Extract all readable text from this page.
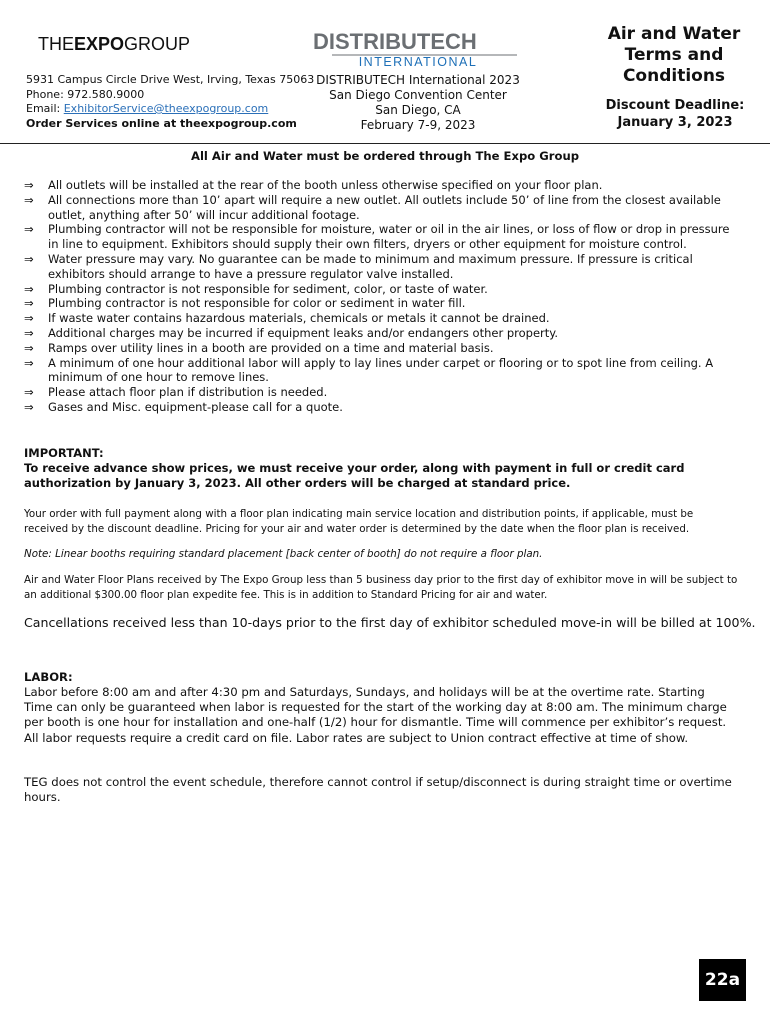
THEEXPOGROUP	DISTRIBUTECH
INTERNATIONAL
5931 Campus Circle Drive West, Irving, Texas 75063
Phone: 972.580.9000
Email: ExhibitorService@theexpogroup.com
Order Services online at theexpogroup.com
DISTRIBUTECH International 2023
San Diego Convention Center
San Diego, CA
February 7-9, 2023
Air and Water Terms and Conditions
Discount Deadline:
January 3, 2023
All Air and Water must be ordered through The Expo Group
⇒ All outlets will be installed at the rear of the booth unless otherwise specified on your floor plan.
⇒ All connections more than 10’ apart will require a new outlet. All outlets include 50’ of line from the closest available outlet, anything after 50’ will incur additional footage.
⇒ Plumbing contractor will not be responsible for moisture, water or oil in the air lines, or loss of flow or drop in pressure in line to equipment. Exhibitors should supply their own filters, dryers or other equipment for moisture control.
⇒ Water pressure may vary. No guarantee can be made to minimum and maximum pressure. If pressure is critical exhibitors should arrange to have a pressure regulator valve installed.
⇒ Plumbing contractor is not responsible for sediment, color, or taste of water.
⇒ Plumbing contractor is not responsible for color or sediment in water fill.
⇒ If waste water contains hazardous materials, chemicals or metals it cannot be drained.
⇒ Additional charges may be incurred if equipment leaks and/or endangers other property.
⇒ Ramps over utility lines in a booth are provided on a time and material basis.
⇒ A minimum of one hour additional labor will apply to lay lines under carpet or flooring or to spot line from ceiling. A minimum of one hour to remove lines.
⇒ Please attach floor plan if distribution is needed.
⇒ Gases and Misc. equipment-please call for a quote.
IMPORTANT:
To receive advance show prices, we must receive your order, along with payment in full or credit card authorization by January 3, 2023. All other orders will be charged at standard price.
Your order with full payment along with a floor plan indicating main service location and distribution points, if applicable, must be received by the discount deadline. Pricing for your air and water order is determined by the date when the floor plan is received.
Note: Linear booths requiring standard placement [back center of booth] do not require a floor plan.
Air and Water Floor Plans received by The Expo Group less than 5 business day prior to the first day of exhibitor move in will be subject to an additional $300.00 floor plan expedite fee. This is in addition to Standard Pricing for air and water.
Cancellations received less than 10-days prior to the first day of exhibitor scheduled move-in will be billed at 100%.
LABOR:
Labor before 8:00 am and after 4:30 pm and Saturdays, Sundays, and holidays will be at the overtime rate. Starting Time can only be guaranteed when labor is requested for the start of the working day at 8:00 am. The minimum charge per booth is one hour for installation and one-half (1/2) hour for dismantle. Time will commence per exhibitor’s request. All labor requests require a credit card on file. Labor rates are subject to Union contract effective at time of show.
TEG does not control the event schedule, therefore cannot control if setup/disconnect is during straight time or overtime hours.
22a
